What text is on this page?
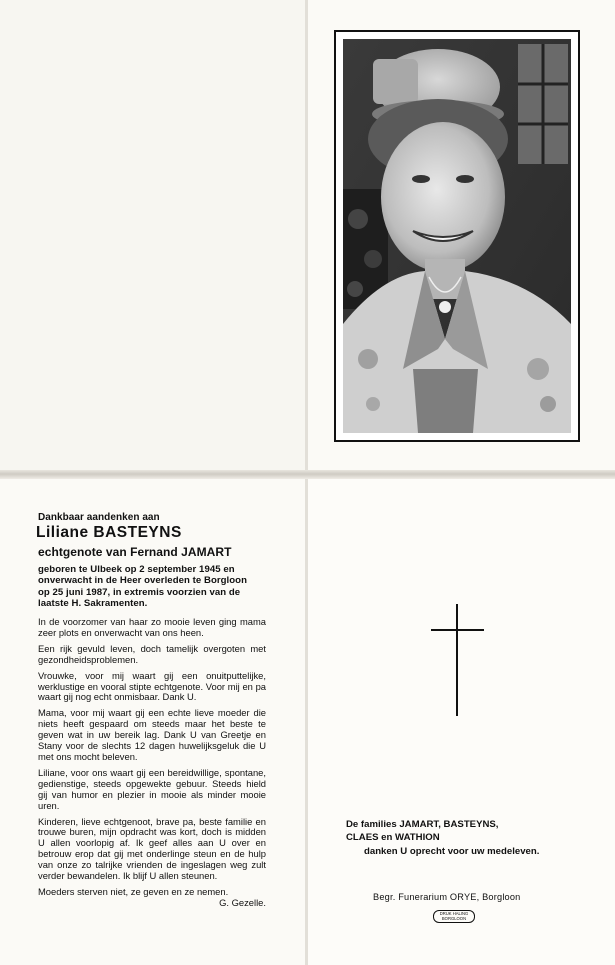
Dankbaar aandenken aan
Liliane BASTEYNS
echtgenote van Fernand JAMART
geboren te Ulbeek op 2 september 1945 en
onverwacht in de Heer overleden te Borgloon
op 25 juni 1987, in extremis voorzien van de
laatste H. Sakramenten.

In de voorzomer van haar zo mooie leven ging mama zeer plots en onverwacht van ons heen.

Een rijk gevuld leven, doch tamelijk overgoten met gezondheidsproblemen.

Vrouwke, voor mij waart gij een onuitputtelijke, werklustige en vooral stipte echtgenote. Voor mij en pa waart gij nog echt onmisbaar. Dank U.

Mama, voor mij waart gij een echte lieve moeder die niets heeft gespaard om steeds maar het beste te geven wat in uw bereik lag. Dank U van Greetje en Stany voor de slechts 12 dagen huwelijksgeluk die U met ons mocht beleven.

Liliane, voor ons waart gij een bereidwillige, spontane, gedienstige, steeds opgewekte gebuur. Steeds hield gij van humor en plezier in mooie als minder mooie uren.

Kinderen, lieve echtgenoot, brave pa, beste familie en trouwe buren, mijn opdracht was kort, doch is midden U allen voorlopig af. Ik geef alles aan U over en betrouw erop dat gij met onderlinge steun en de hulp van onze zo talrijke vrienden de ingeslagen weg zult verder bewandelen. Ik blijf U allen steunen.

Moeders sterven niet, ze geven en ze nemen.

G. Gezelle.
De families JAMART, BASTEYNS,
CLAES en WATHION
danken U oprecht voor uw medeleven.
Begr. Funerarium ORYE, Borgloon
DRUK HALING
BORGLOON
